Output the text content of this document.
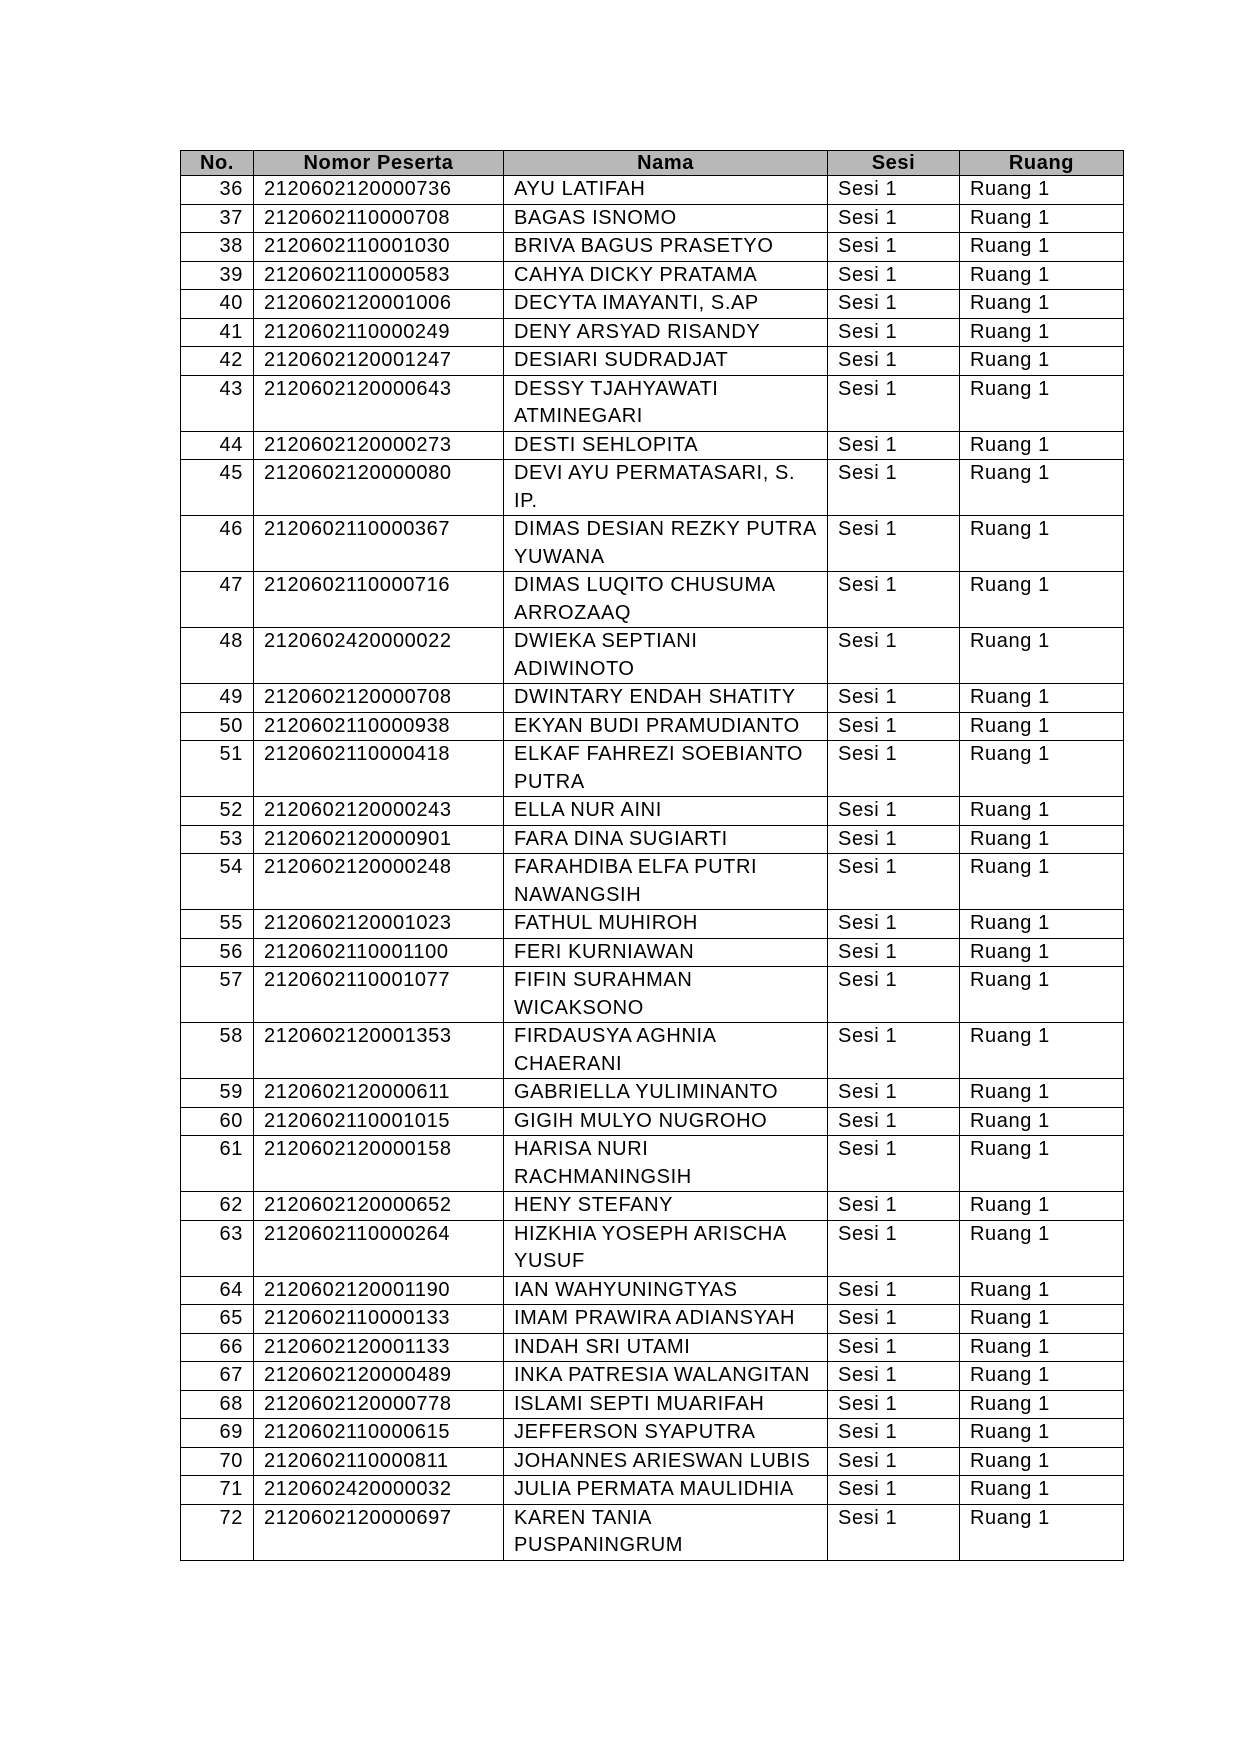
No.	Nomor Peserta	Nama	Sesi	Ruang
36	2120602120000736	AYU LATIFAH	Sesi 1	Ruang 1
37	2120602110000708	BAGAS ISNOMO	Sesi 1	Ruang 1
38	2120602110001030	BRIVA BAGUS PRASETYO	Sesi 1	Ruang 1
39	2120602110000583	CAHYA DICKY PRATAMA	Sesi 1	Ruang 1
40	2120602120001006	DECYTA IMAYANTI, S.AP	Sesi 1	Ruang 1
41	2120602110000249	DENY ARSYAD RISANDY	Sesi 1	Ruang 1
42	2120602120001247	DESIARI SUDRADJAT	Sesi 1	Ruang 1
43	2120602120000643	DESSY TJAHYAWATI ATMINEGARI	Sesi 1	Ruang 1
44	2120602120000273	DESTI SEHLOPITA	Sesi 1	Ruang 1
45	2120602120000080	DEVI AYU PERMATASARI, S. IP.	Sesi 1	Ruang 1
46	2120602110000367	DIMAS DESIAN REZKY PUTRA YUWANA	Sesi 1	Ruang 1
47	2120602110000716	DIMAS LUQITO CHUSUMA ARROZAAQ	Sesi 1	Ruang 1
48	2120602420000022	DWIEKA SEPTIANI ADIWINOTO	Sesi 1	Ruang 1
49	2120602120000708	DWINTARY ENDAH SHATITY	Sesi 1	Ruang 1
50	2120602110000938	EKYAN BUDI PRAMUDIANTO	Sesi 1	Ruang 1
51	2120602110000418	ELKAF FAHREZI SOEBIANTO PUTRA	Sesi 1	Ruang 1
52	2120602120000243	ELLA NUR AINI	Sesi 1	Ruang 1
53	2120602120000901	FARA DINA SUGIARTI	Sesi 1	Ruang 1
54	2120602120000248	FARAHDIBA ELFA PUTRI NAWANGSIH	Sesi 1	Ruang 1
55	2120602120001023	FATHUL MUHIROH	Sesi 1	Ruang 1
56	2120602110001100	FERI KURNIAWAN	Sesi 1	Ruang 1
57	2120602110001077	FIFIN SURAHMAN WICAKSONO	Sesi 1	Ruang 1
58	2120602120001353	FIRDAUSYA AGHNIA CHAERANI	Sesi 1	Ruang 1
59	2120602120000611	GABRIELLA YULIMINANTO	Sesi 1	Ruang 1
60	2120602110001015	GIGIH MULYO NUGROHO	Sesi 1	Ruang 1
61	2120602120000158	HARISA NURI RACHMANINGSIH	Sesi 1	Ruang 1
62	2120602120000652	HENY STEFANY	Sesi 1	Ruang 1
63	2120602110000264	HIZKHIA YOSEPH ARISCHA YUSUF	Sesi 1	Ruang 1
64	2120602120001190	IAN WAHYUNINGTYAS	Sesi 1	Ruang 1
65	2120602110000133	IMAM PRAWIRA ADIANSYAH	Sesi 1	Ruang 1
66	2120602120001133	INDAH SRI UTAMI	Sesi 1	Ruang 1
67	2120602120000489	INKA PATRESIA WALANGITAN	Sesi 1	Ruang 1
68	2120602120000778	ISLAMI SEPTI MUARIFAH	Sesi 1	Ruang 1
69	2120602110000615	JEFFERSON SYAPUTRA	Sesi 1	Ruang 1
70	2120602110000811	JOHANNES ARIESWAN LUBIS	Sesi 1	Ruang 1
71	2120602420000032	JULIA PERMATA MAULIDHIA	Sesi 1	Ruang 1
72	2120602120000697	KAREN TANIA PUSPANINGRUM	Sesi 1	Ruang 1
